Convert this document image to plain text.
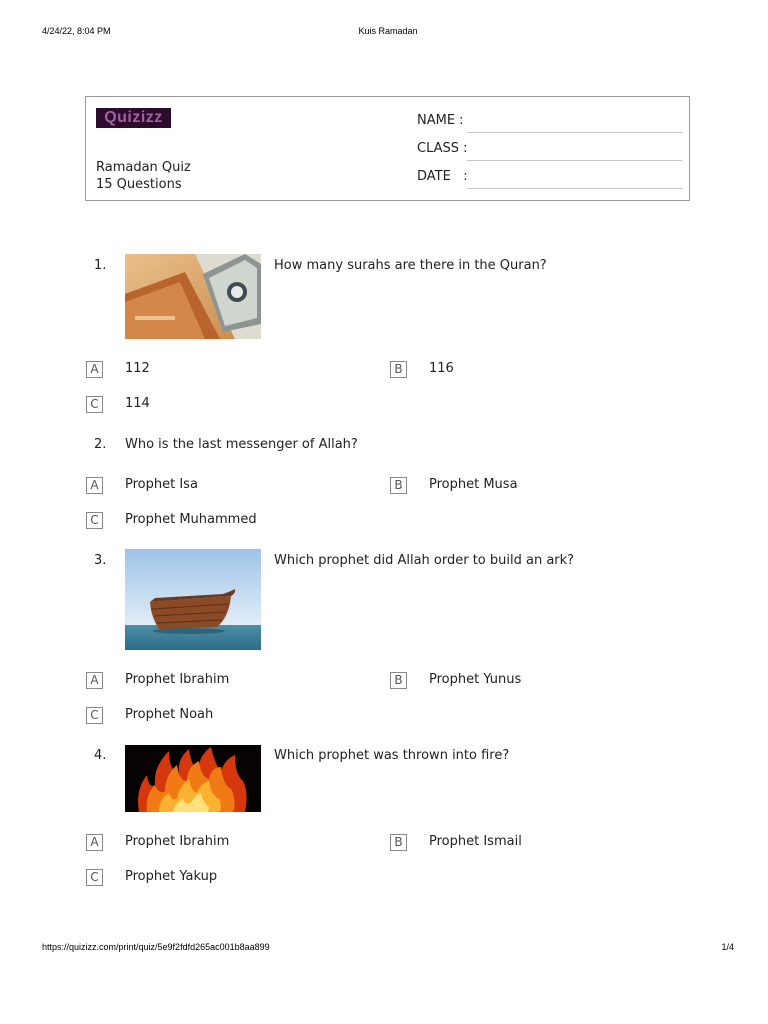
4/24/22, 8:04 PM	Kuis Ramadan
Quizizz
Ramadan Quiz
15 Questions
NAME :
CLASS :
DATE   :
1.	How many surahs are there in the Quran?
A	112	B	116
C	114
2. Who is the last messenger of Allah?
A	Prophet Isa	B	Prophet Musa
C	Prophet Muhammed
3.	Which prophet did Allah order to build an ark?
A	Prophet Ibrahim	B	Prophet Yunus
C	Prophet Noah
4.	Which prophet was thrown into fire?
A	Prophet Ibrahim	B	Prophet Ismail
C	Prophet Yakup
https://quizizz.com/print/quiz/5e9f2fdfd265ac001b8aa899	1/4
